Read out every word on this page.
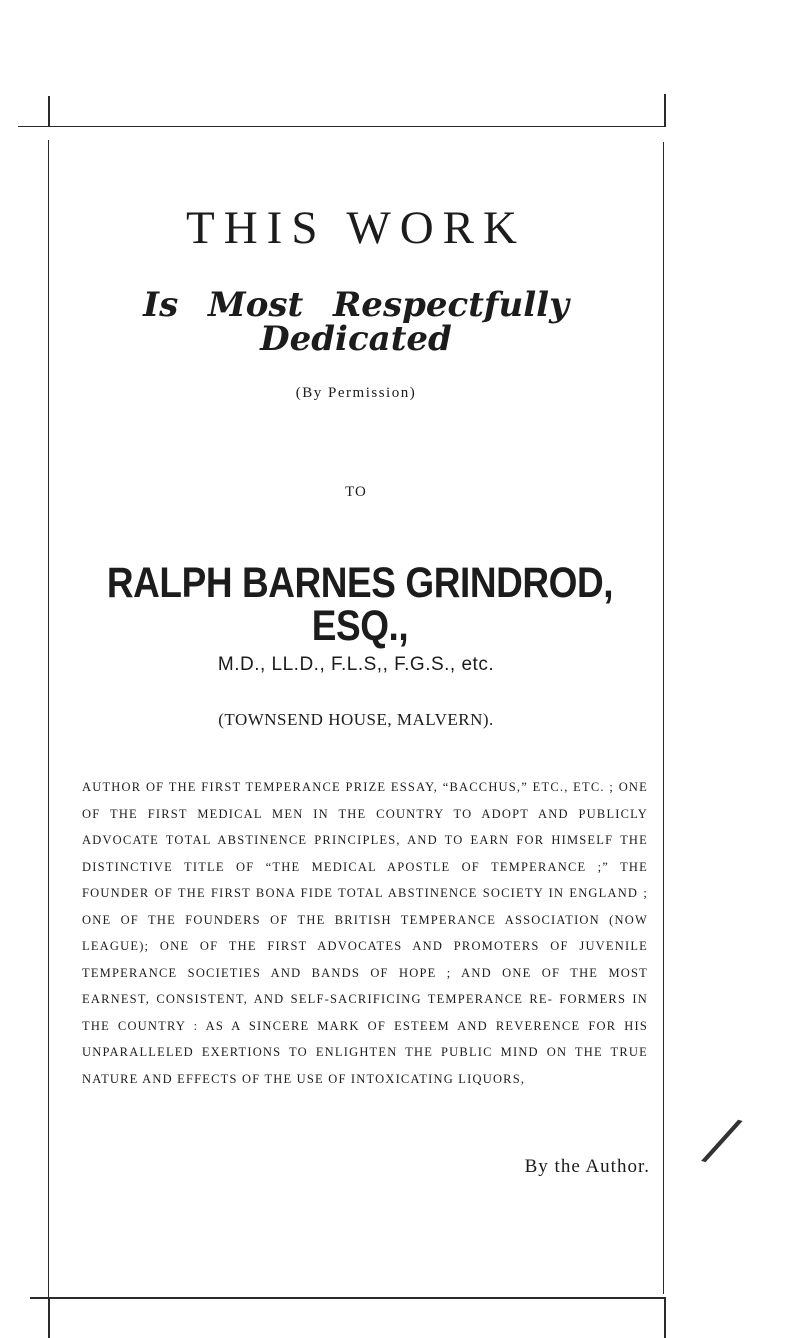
/
THIS WORK
Is Most Respectfully Dedicated
(By Permission)
TO
RALPH BARNES GRINDROD, ESQ.,
M.D., LL.D., F.L.S,, F.G.S., etc.
(TOWNSEND HOUSE, MALVERN).
AUTHOR OF THE FIRST TEMPERANCE PRIZE ESSAY, “BACCHUS,” ETC., ETC. ; ONE OF THE FIRST MEDICAL MEN IN THE COUNTRY TO ADOPT AND PUBLICLY ADVOCATE TOTAL ABSTINENCE PRINCIPLES, AND TO EARN FOR HIMSELF THE DISTINCTIVE TITLE OF “THE MEDICAL APOSTLE OF TEMPERANCE ;” THE FOUNDER OF THE FIRST BONA FIDE TOTAL ABSTINENCE SOCIETY IN ENGLAND ; ONE OF THE FOUNDERS OF THE BRITISH TEMPERANCE ASSOCIATION (NOW LEAGUE); ONE OF THE FIRST ADVOCATES AND PROMOTERS OF JUVENILE TEMPERANCE SOCIETIES AND BANDS OF HOPE ; AND ONE OF THE MOST EARNEST, CONSISTENT, AND SELF-SACRIFICING TEMPERANCE RE- FORMERS IN THE COUNTRY : AS A SINCERE MARK OF ESTEEM AND REVERENCE FOR HIS UNPARALLELED EXERTIONS TO ENLIGHTEN THE PUBLIC MIND ON THE TRUE NATURE AND EFFECTS OF THE USE OF INTOXICATING LIQUORS,
By the Author.
